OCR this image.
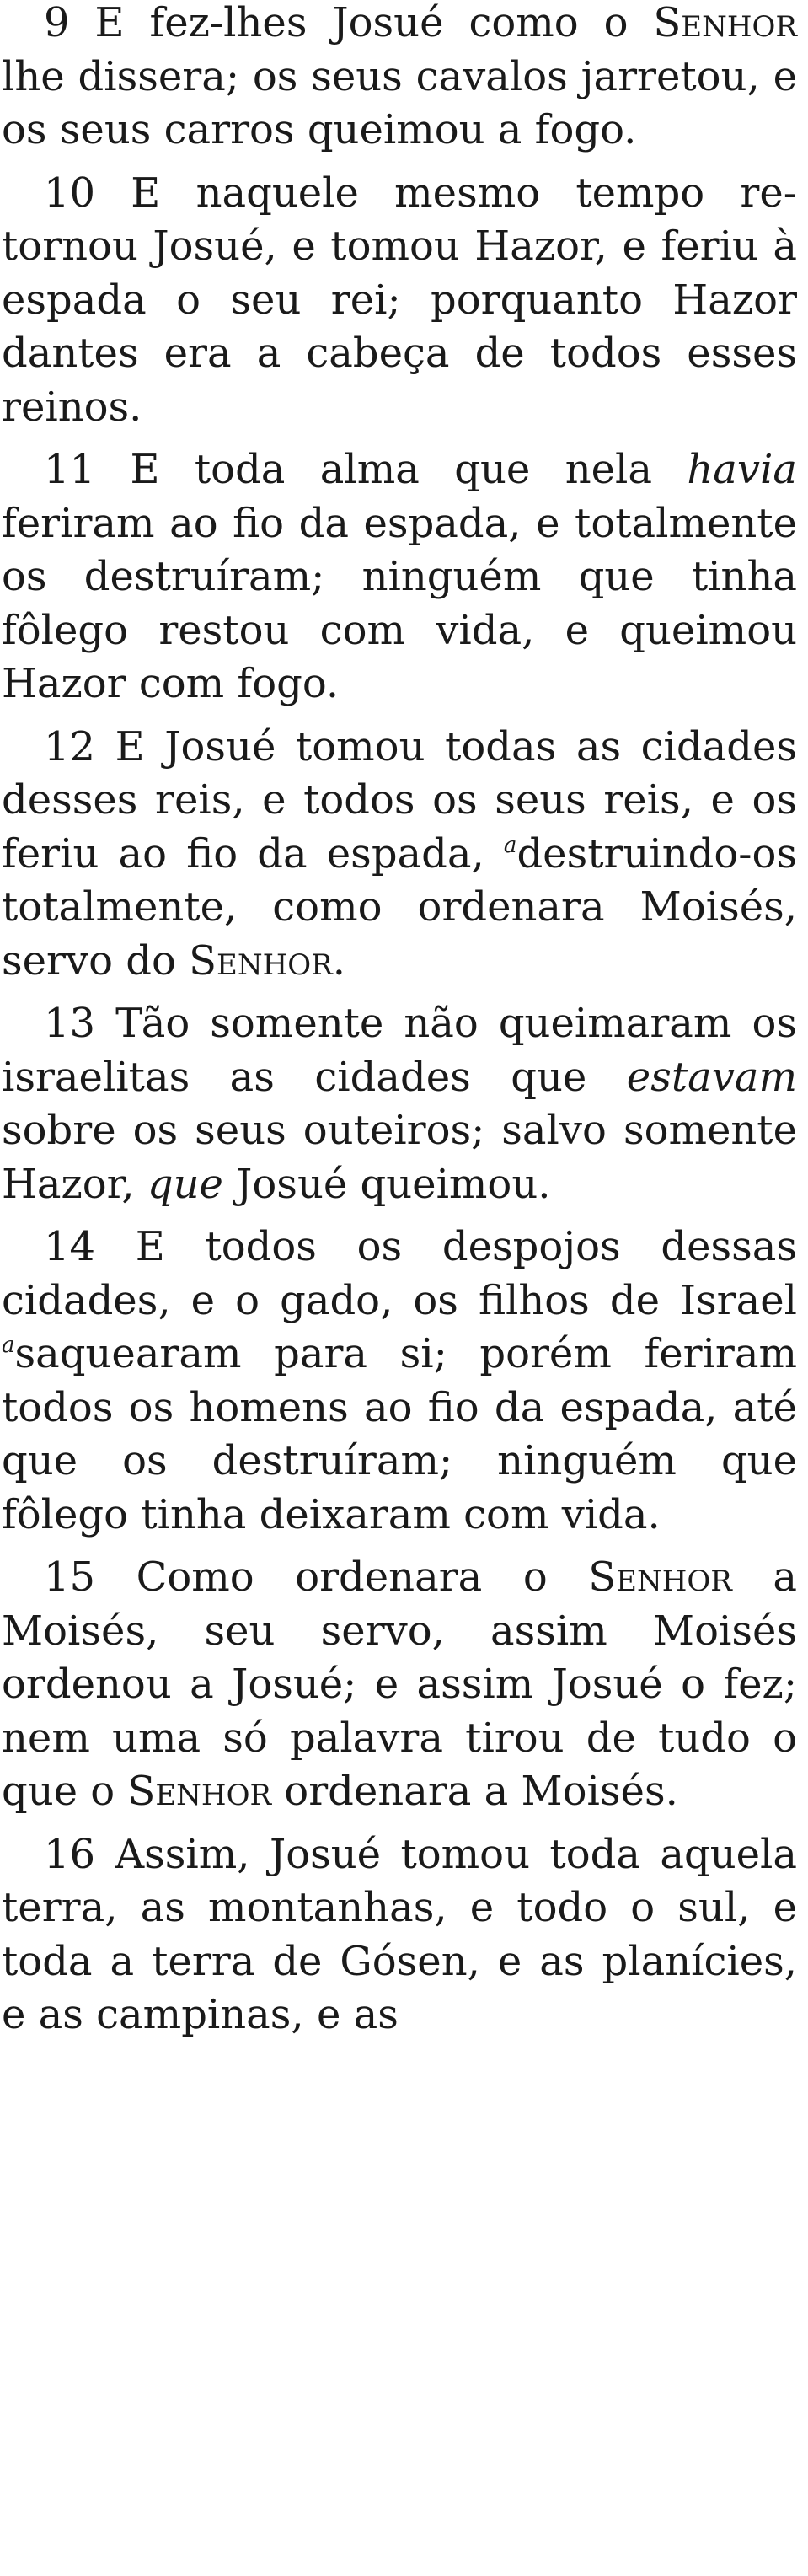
9 E fez-lhes Josué como o Senhor lhe dissera; os seus cavalos jarretou, e os seus carros queimou a fogo.

10 E naquele mesmo tempo retornou Josué, e tomou Hazor, e feriu à espada o seu rei; porquanto Hazor dantes era a cabeça de todos esses reinos.

11 E toda alma que nela havia feriram ao fio da espada, e totalmente os destruíram; ninguém que tinha fôlego restou com vida, e queimou Hazor com fogo.

12 E Josué tomou todas as cidades desses reis, e todos os seus reis, e os feriu ao fio da espada, $^a$destruindo-os totalmente, como ordenara Moisés, servo do Senhor.

13 Tão somente não queimaram os israelitas as cidades que estavam sobre os seus outeiros; salvo somente Hazor, que Josué queimou.

14 E todos os despojos dessas cidades, e o gado, os filhos de Israel $^a$saquearam para si; porém feriram todos os homens ao fio da espada, até que os destruíram; ninguém que fôlego tinha deixaram com vida.

15 Como ordenara o Senhor a Moisés, seu servo, assim Moisés ordenou a Josué; e assim Josué o fez; nem uma só palavra tirou de tudo o que o Senhor ordenara a Moisés.

16 Assim, Josué tomou toda aquela terra, as montanhas, e todo o sul, e toda a terra de Gósen, e as planícies, e as campinas, e as
